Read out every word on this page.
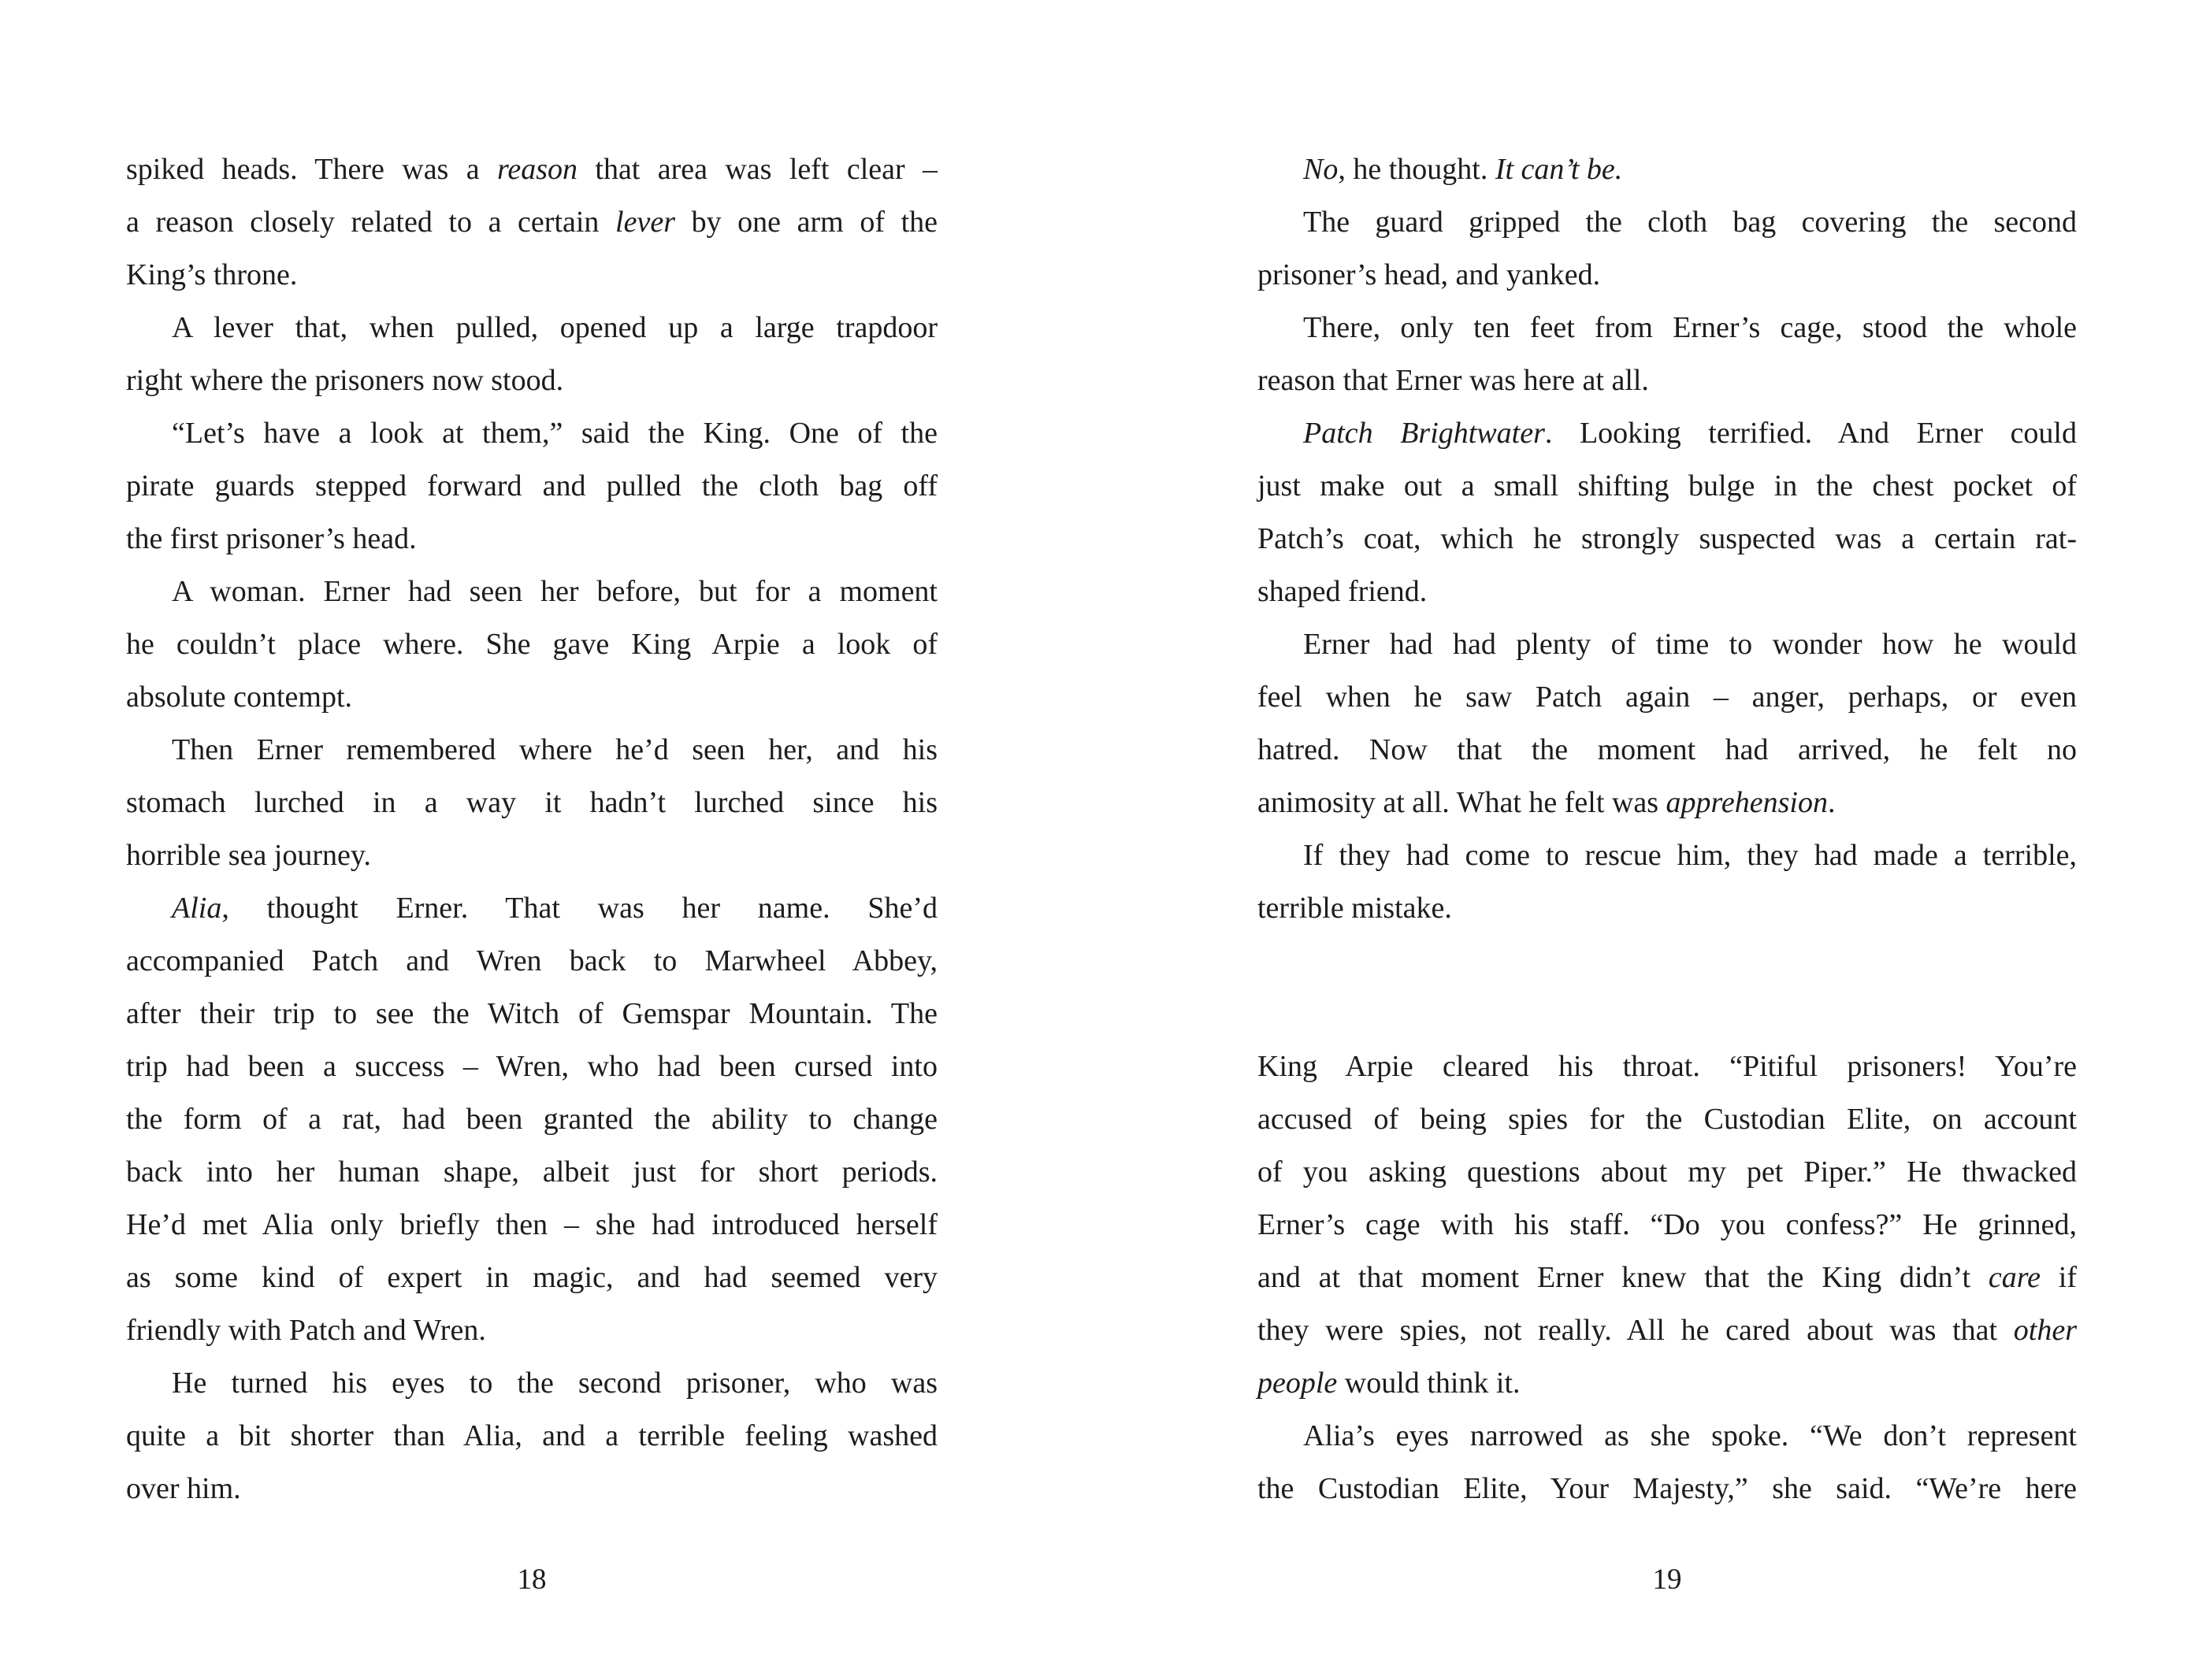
spiked heads. There was a reason that area was left clear –
a reason closely related to a certain lever by one arm of the
King’s throne.
A lever that, when pulled, opened up a large trapdoor
right where the prisoners now stood.
“Let’s have a look at them,” said the King. One of the
pirate guards stepped forward and pulled the cloth bag off
the first prisoner’s head.
A woman. Erner had seen her before, but for a moment
he couldn’t place where. She gave King Arpie a look of
absolute contempt.
Then Erner remembered where he’d seen her, and his
stomach lurched in a way it hadn’t lurched since his
horrible sea journey.
Alia, thought Erner. That was her name. She’d
accompanied Patch and Wren back to Marwheel Abbey,
after their trip to see the Witch of Gemspar Mountain. The
trip had been a success – Wren, who had been cursed into
the form of a rat, had been granted the ability to change
back into her human shape, albeit just for short periods.
He’d met Alia only briefly then – she had introduced herself
as some kind of expert in magic, and had seemed very
friendly with Patch and Wren.
He turned his eyes to the second prisoner, who was
quite a bit shorter than Alia, and a terrible feeling washed
over him.
18
No, he thought. It can’t be.
The guard gripped the cloth bag covering the second
prisoner’s head, and yanked.
There, only ten feet from Erner’s cage, stood the whole
reason that Erner was here at all.
Patch Brightwater. Looking terrified. And Erner could
just make out a small shifting bulge in the chest pocket of
Patch’s coat, which he strongly suspected was a certain rat-
shaped friend.
Erner had had plenty of time to wonder how he would
feel when he saw Patch again – anger, perhaps, or even
hatred. Now that the moment had arrived, he felt no
animosity at all. What he felt was apprehension.
If they had come to rescue him, they had made a terrible,
terrible mistake.
King Arpie cleared his throat. “Pitiful prisoners! You’re
accused of being spies for the Custodian Elite, on account
of you asking questions about my pet Piper.” He thwacked
Erner’s cage with his staff. “Do you confess?” He grinned,
and at that moment Erner knew that the King didn’t care if
they were spies, not really. All he cared about was that other
people would think it.
Alia’s eyes narrowed as she spoke. “We don’t represent
the Custodian Elite, Your Majesty,” she said. “We’re here
19
